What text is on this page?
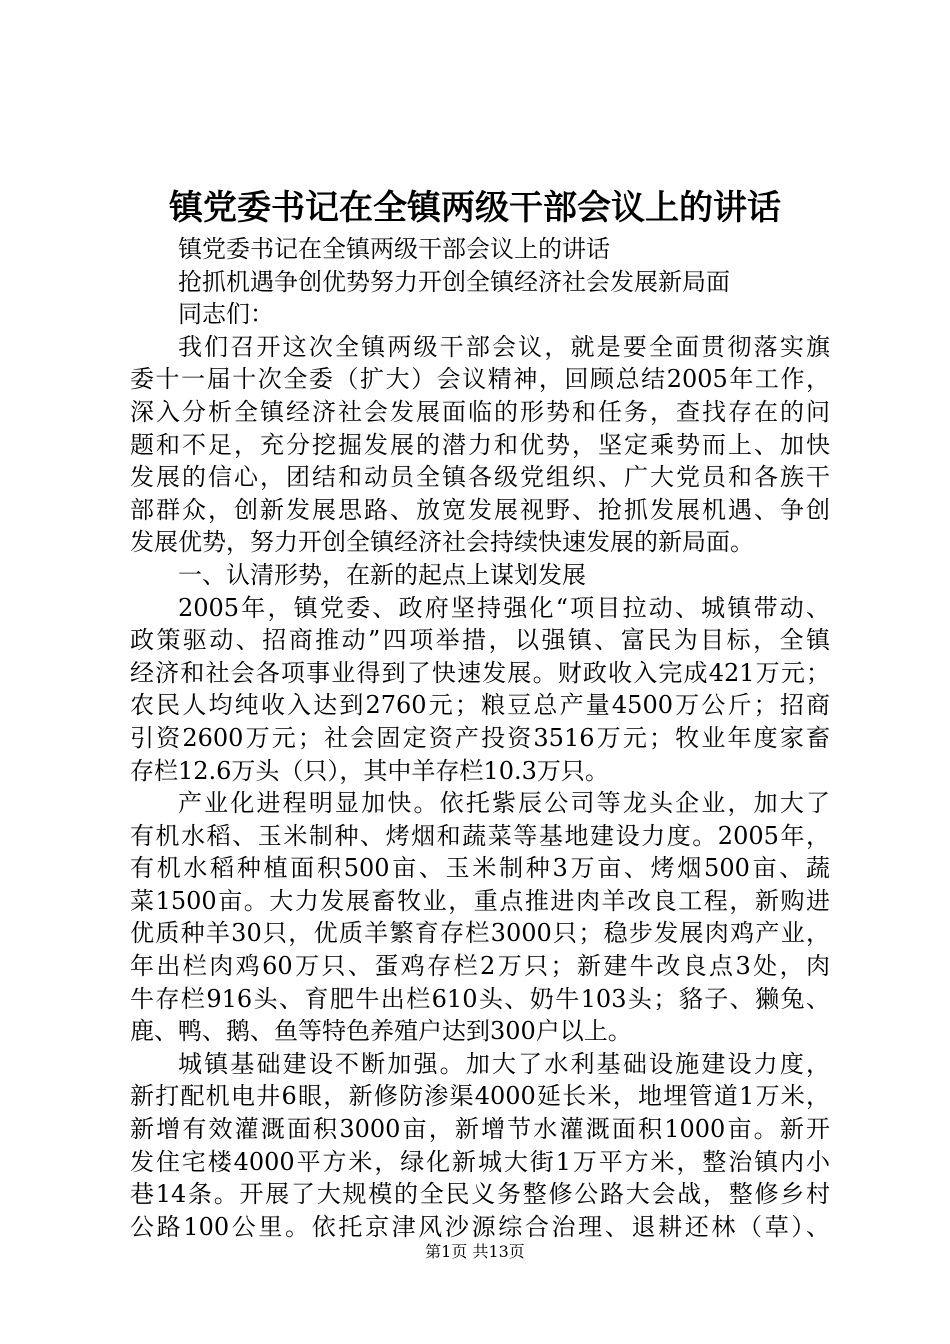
镇党委书记在全镇两级干部会议上的讲话
镇党委书记在全镇两级干部会议上的讲话
抢抓机遇争创优势努力开创全镇经济社会发展新局面
同志们：
我们召开这次全镇两级干部会议，就是要全面贯彻落实旗
委十一届十次全委（扩大）会议精神，回顾总结2005年工作，
深入分析全镇经济社会发展面临的形势和任务，查找存在的问
题和不足，充分挖掘发展的潜力和优势，坚定乘势而上、加快
发展的信心，团结和动员全镇各级党组织、广大党员和各族干
部群众，创新发展思路、放宽发展视野、抢抓发展机遇、争创
发展优势，努力开创全镇经济社会持续快速发展的新局面。
一、认清形势，在新的起点上谋划发展
2005年，镇党委、政府坚持强化“项目拉动、城镇带动、
政策驱动、招商推动”四项举措，以强镇、富民为目标，全镇
经济和社会各项事业得到了快速发展。财政收入完成421万元；
农民人均纯收入达到2760元；粮豆总产量4500万公斤；招商
引资2600万元；社会固定资产投资3516万元；牧业年度家畜
存栏12.6万头（只），其中羊存栏10.3万只。
产业化进程明显加快。依托紫辰公司等龙头企业，加大了
有机水稻、玉米制种、烤烟和蔬菜等基地建设力度。2005年，
有机水稻种植面积500亩、玉米制种3万亩、烤烟500亩、蔬
菜1500亩。大力发展畜牧业，重点推进肉羊改良工程，新购进
优质种羊30只，优质羊繁育存栏3000只；稳步发展肉鸡产业，
年出栏肉鸡60万只、蛋鸡存栏2万只；新建牛改良点3处，肉
牛存栏916头、育肥牛出栏610头、奶牛103头；貉子、獭兔、
鹿、鸭、鹅、鱼等特色养殖户达到300户以上。
城镇基础建设不断加强。加大了水利基础设施建设力度，
新打配机电井6眼，新修防渗渠4000延长米，地埋管道1万米，
新增有效灌溉面积3000亩，新增节水灌溉面积1000亩。新开
发住宅楼4000平方米，绿化新城大街1万平方米，整治镇内小
巷14条。开展了大规模的全民义务整修公路大会战，整修乡村
公路100公里。依托京津风沙源综合治理、退耕还林（草）、
第1页 共13页
